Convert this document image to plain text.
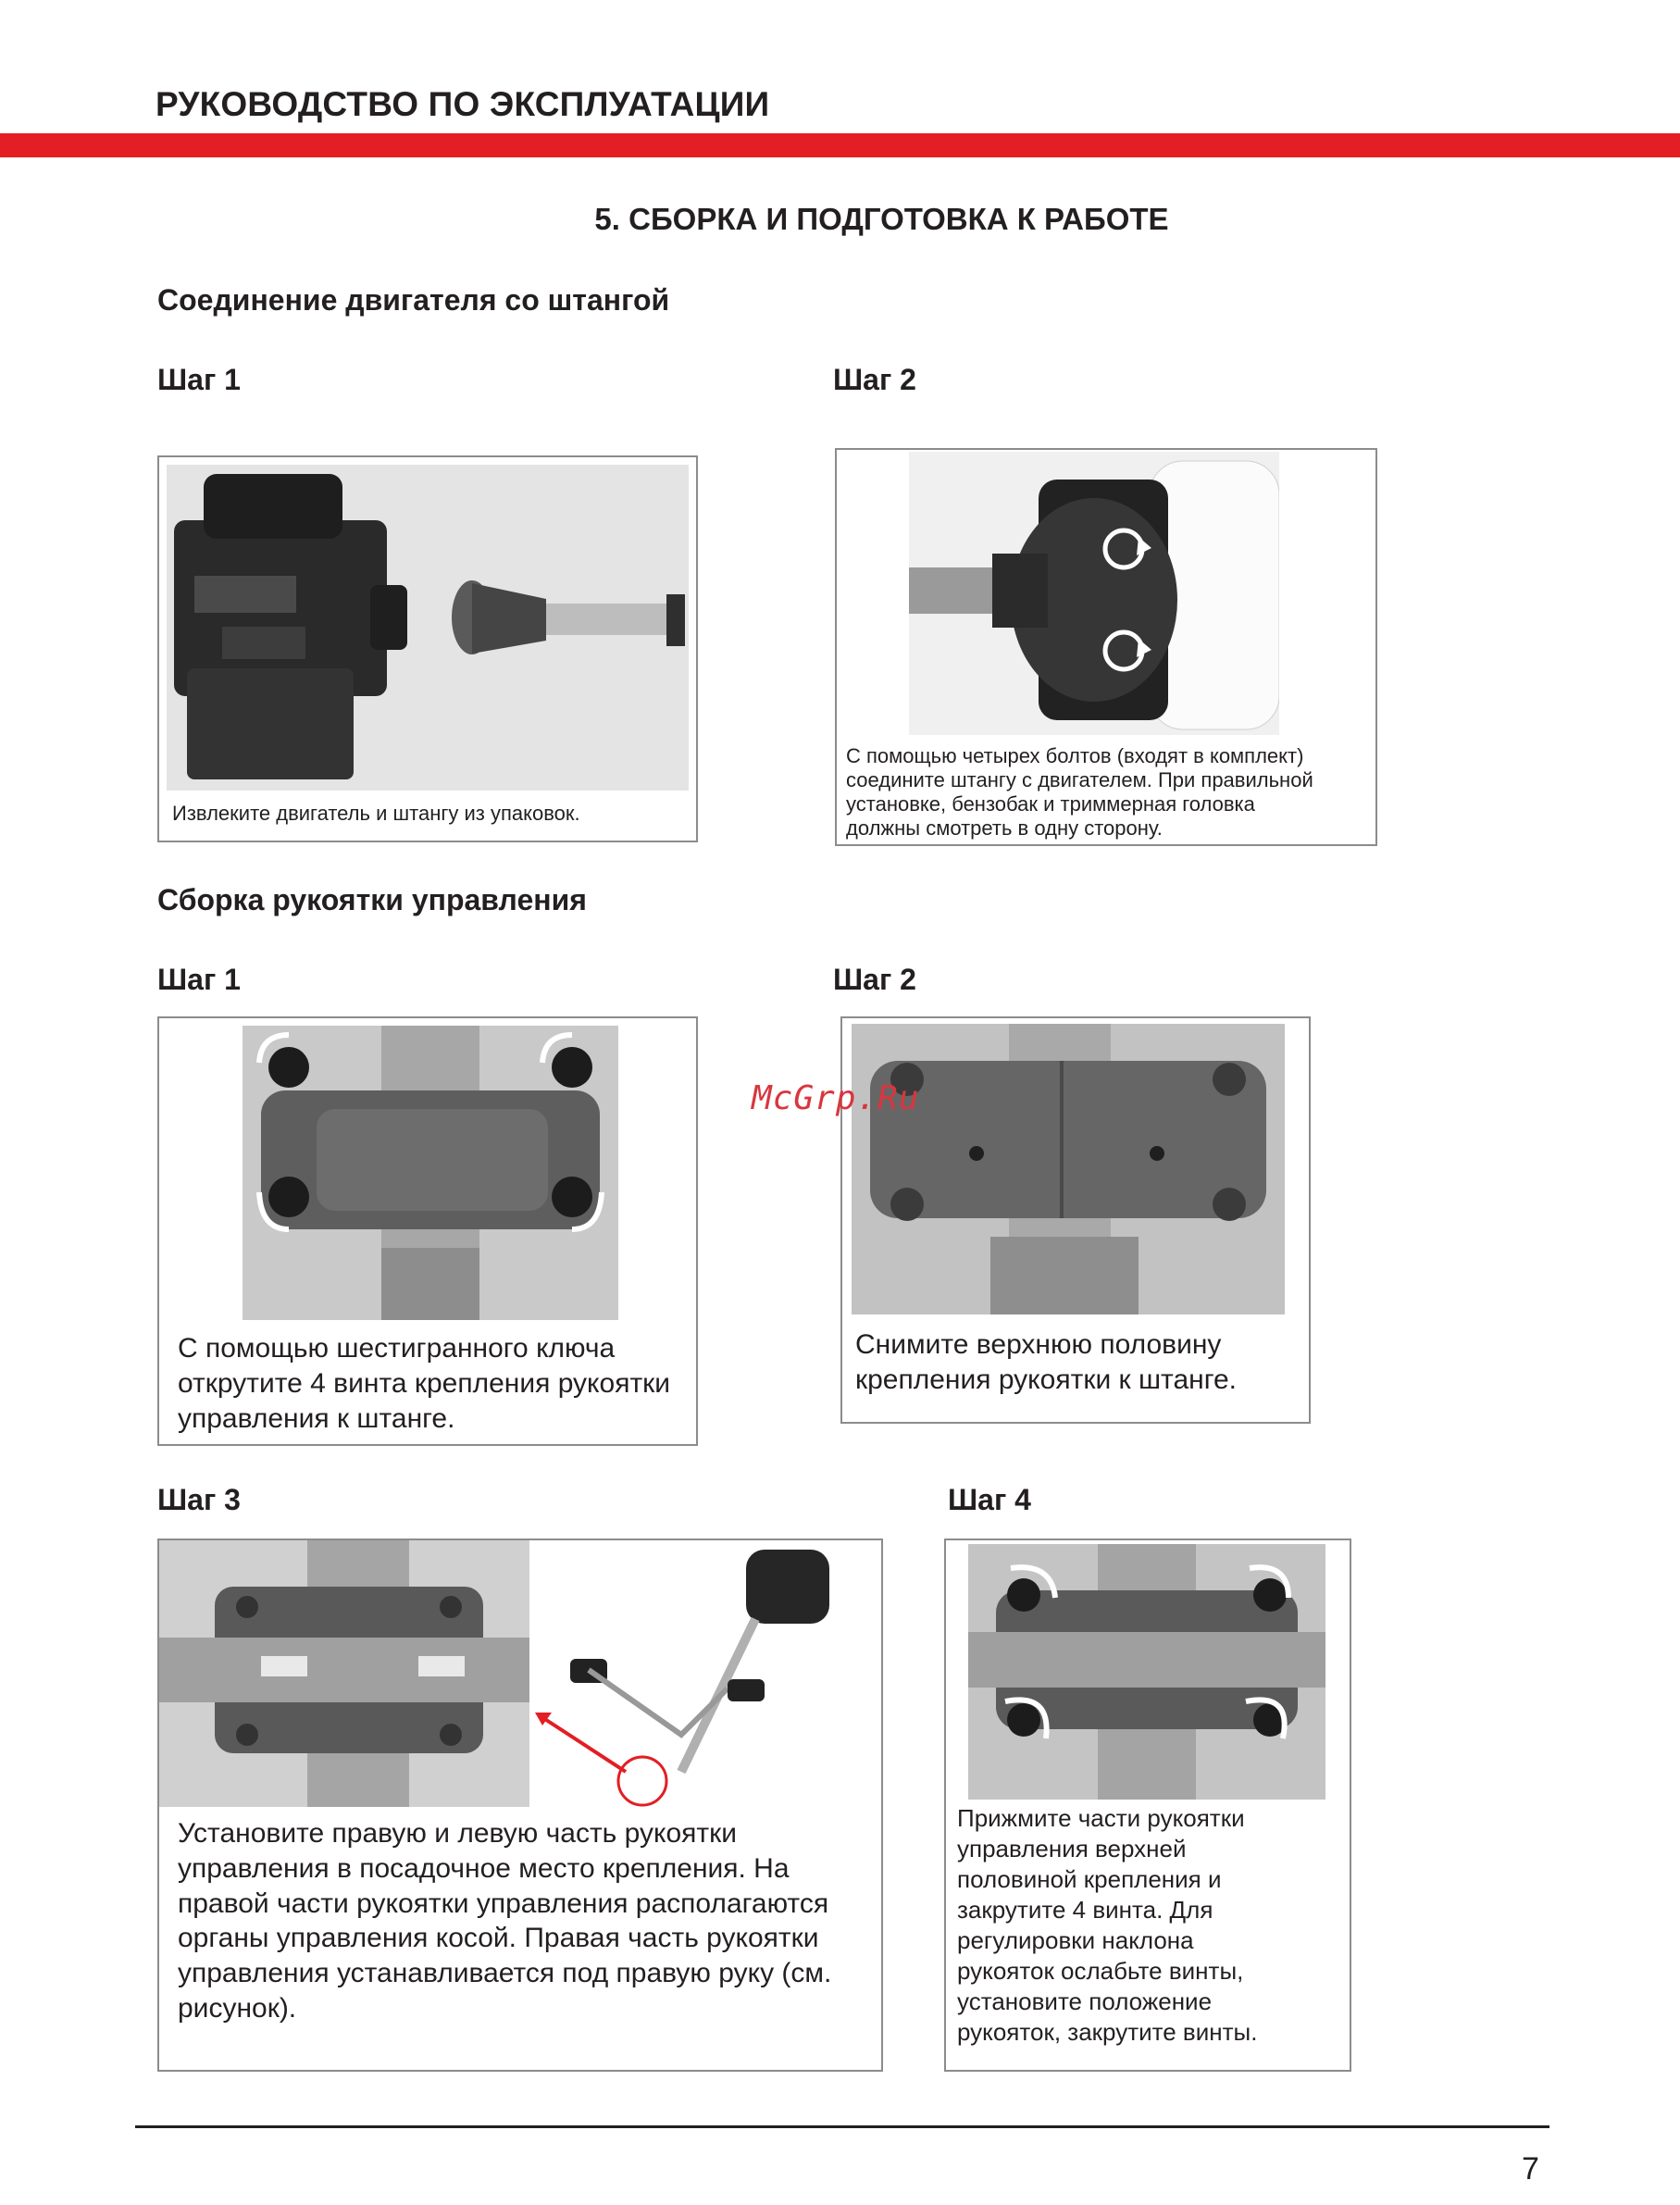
РУКОВОДСТВО ПО ЭКСПЛУАТАЦИИ
5. СБОРКА И ПОДГОТОВКА К РАБОТЕ
Соединение двигателя со штангой
Шаг 1	Шаг 2
Извлеките двигатель и штангу из упаковок.
С помощью четырех болтов (входят в комплект)
соедините штангу с двигателем. При правильной
установке, бензобак и триммерная головка
должны смотреть в одну сторону.
Сборка рукоятки управления
Шаг 1	Шаг 2
С помощью шестигранного ключа
открутите 4 винта крепления рукоятки
управления к штанге.
Снимите верхнюю половину
крепления рукоятки к штанге.
McGrp.Ru
Шаг 3	Шаг 4
Установите правую и левую часть рукоятки
управления в посадочное место крепления. На
правой части рукоятки управления располагаются
органы управления косой. Правая часть рукоятки
управления устанавливается под правую руку (см.
рисунок).
Прижмите части рукоятки
управления верхней
половиной крепления и
закрутите 4 винта. Для
регулировки наклона
рукояток ослабьте винты,
установите положение
рукояток, закрутите винты.
7
